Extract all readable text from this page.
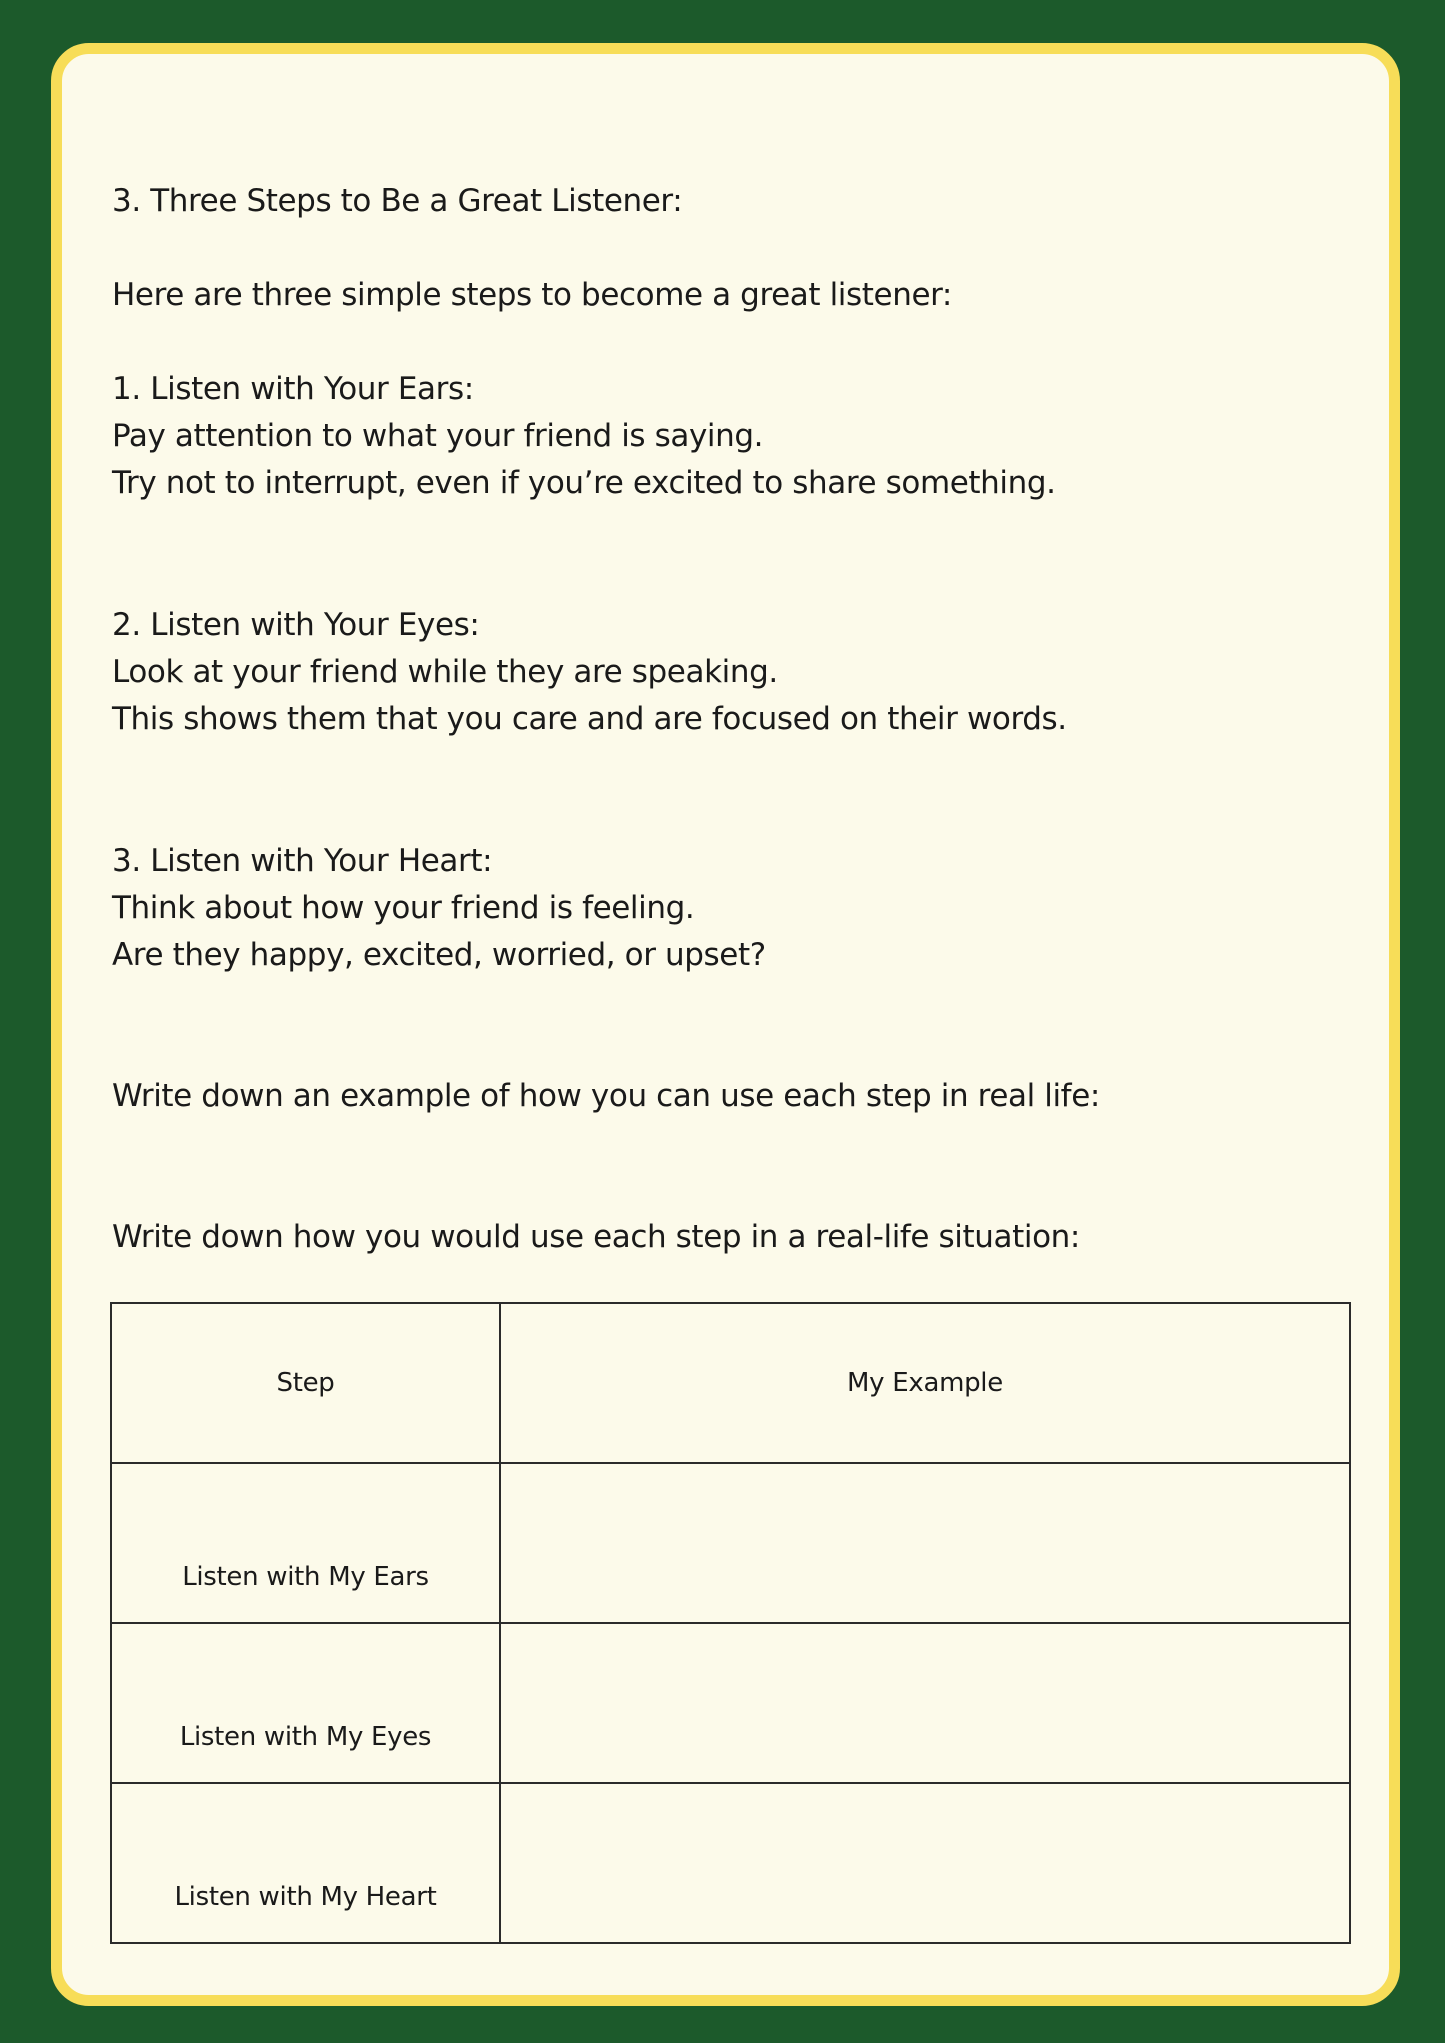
3. Three Steps to Be a Great Listener:
Here are three simple steps to become a great listener:
1. Listen with Your Ears:
Pay attention to what your friend is saying.
Try not to interrupt, even if you’re excited to share something.
2. Listen with Your Eyes:
Look at your friend while they are speaking.
This shows them that you care and are focused on their words.
3. Listen with Your Heart:
Think about how your friend is feeling.
Are they happy, excited, worried, or upset?
Write down an example of how you can use each step in real life:
Write down how you would use each step in a real-life situation:
Step	My Example
Listen with My Ears	
Listen with My Eyes	
Listen with My Heart	
